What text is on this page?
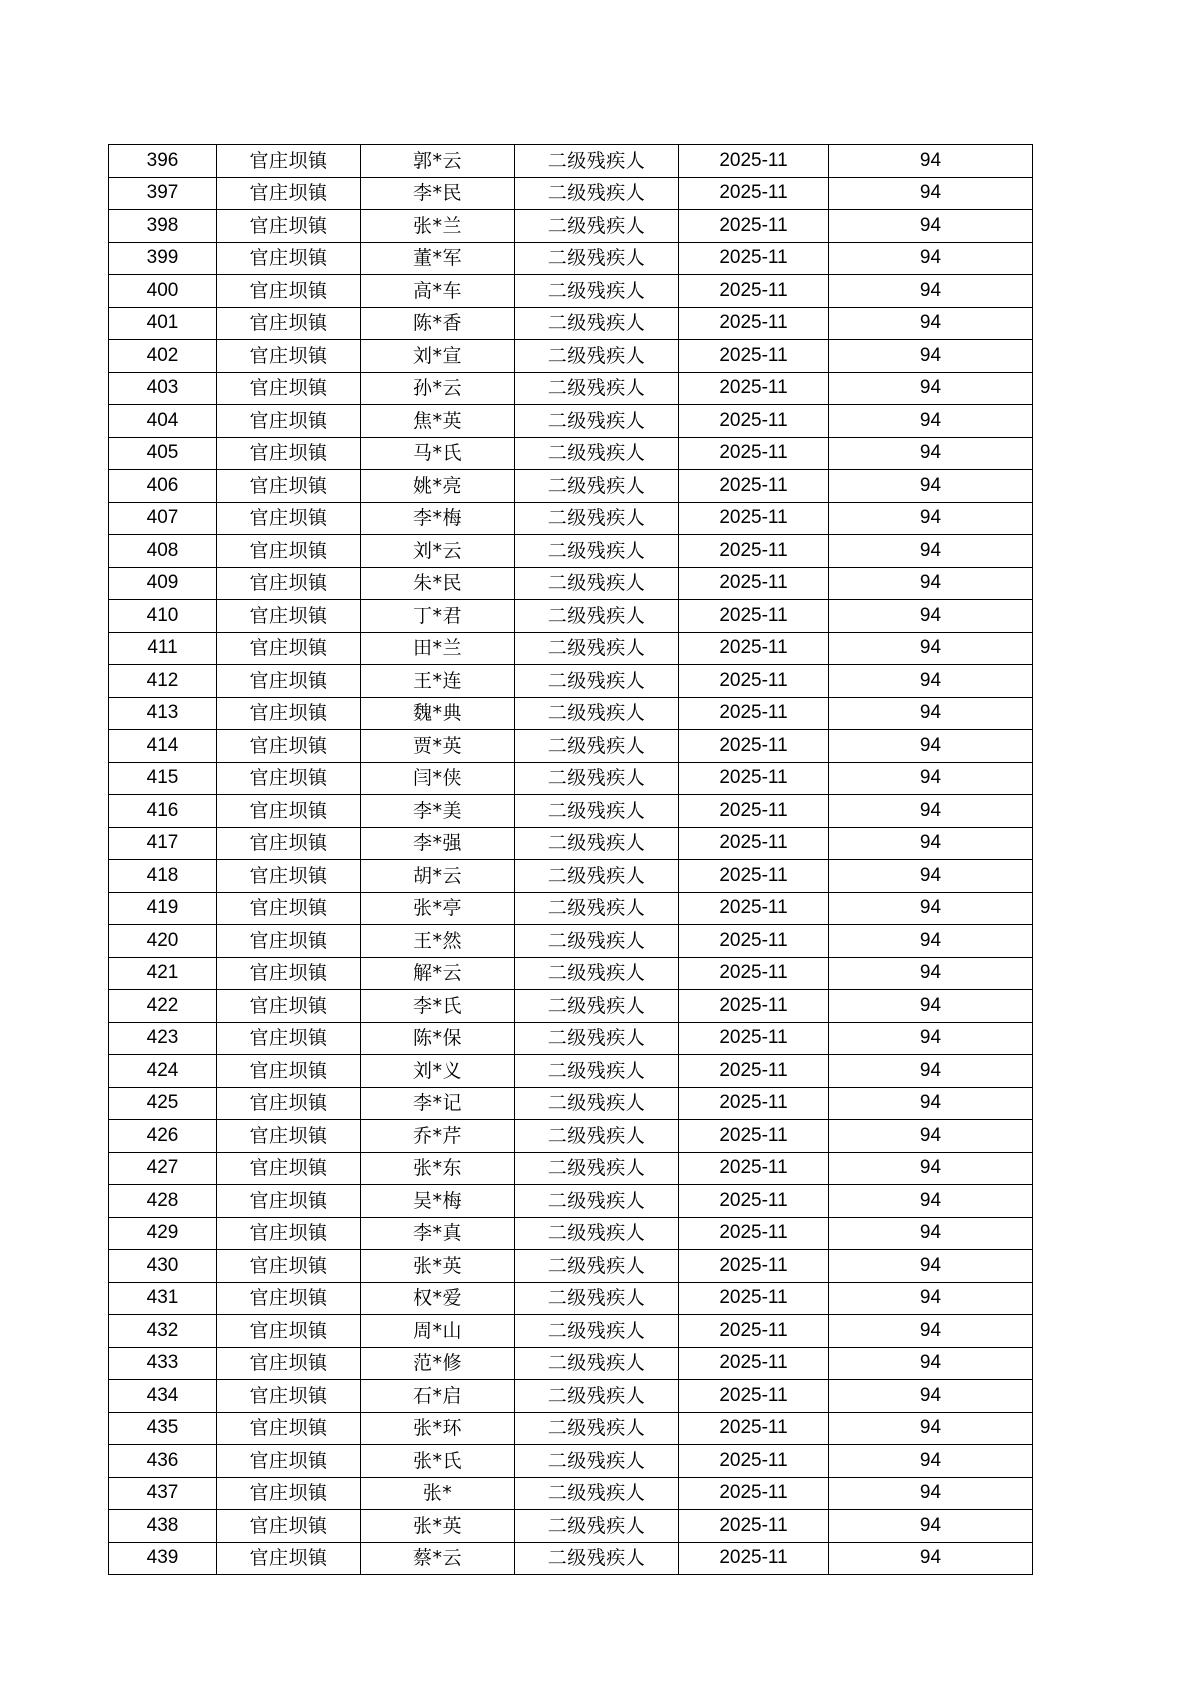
396	官庄坝镇	郭*云	二级残疾人	2025-11	94
397	官庄坝镇	李*民	二级残疾人	2025-11	94
398	官庄坝镇	张*兰	二级残疾人	2025-11	94
399	官庄坝镇	董*军	二级残疾人	2025-11	94
400	官庄坝镇	高*车	二级残疾人	2025-11	94
401	官庄坝镇	陈*香	二级残疾人	2025-11	94
402	官庄坝镇	刘*宣	二级残疾人	2025-11	94
403	官庄坝镇	孙*云	二级残疾人	2025-11	94
404	官庄坝镇	焦*英	二级残疾人	2025-11	94
405	官庄坝镇	马*氏	二级残疾人	2025-11	94
406	官庄坝镇	姚*亮	二级残疾人	2025-11	94
407	官庄坝镇	李*梅	二级残疾人	2025-11	94
408	官庄坝镇	刘*云	二级残疾人	2025-11	94
409	官庄坝镇	朱*民	二级残疾人	2025-11	94
410	官庄坝镇	丁*君	二级残疾人	2025-11	94
411	官庄坝镇	田*兰	二级残疾人	2025-11	94
412	官庄坝镇	王*连	二级残疾人	2025-11	94
413	官庄坝镇	魏*典	二级残疾人	2025-11	94
414	官庄坝镇	贾*英	二级残疾人	2025-11	94
415	官庄坝镇	闫*侠	二级残疾人	2025-11	94
416	官庄坝镇	李*美	二级残疾人	2025-11	94
417	官庄坝镇	李*强	二级残疾人	2025-11	94
418	官庄坝镇	胡*云	二级残疾人	2025-11	94
419	官庄坝镇	张*亭	二级残疾人	2025-11	94
420	官庄坝镇	王*然	二级残疾人	2025-11	94
421	官庄坝镇	解*云	二级残疾人	2025-11	94
422	官庄坝镇	李*氏	二级残疾人	2025-11	94
423	官庄坝镇	陈*保	二级残疾人	2025-11	94
424	官庄坝镇	刘*义	二级残疾人	2025-11	94
425	官庄坝镇	李*记	二级残疾人	2025-11	94
426	官庄坝镇	乔*芹	二级残疾人	2025-11	94
427	官庄坝镇	张*东	二级残疾人	2025-11	94
428	官庄坝镇	吴*梅	二级残疾人	2025-11	94
429	官庄坝镇	李*真	二级残疾人	2025-11	94
430	官庄坝镇	张*英	二级残疾人	2025-11	94
431	官庄坝镇	权*爱	二级残疾人	2025-11	94
432	官庄坝镇	周*山	二级残疾人	2025-11	94
433	官庄坝镇	范*修	二级残疾人	2025-11	94
434	官庄坝镇	石*启	二级残疾人	2025-11	94
435	官庄坝镇	张*环	二级残疾人	2025-11	94
436	官庄坝镇	张*氏	二级残疾人	2025-11	94
437	官庄坝镇	张*	二级残疾人	2025-11	94
438	官庄坝镇	张*英	二级残疾人	2025-11	94
439	官庄坝镇	蔡*云	二级残疾人	2025-11	94
